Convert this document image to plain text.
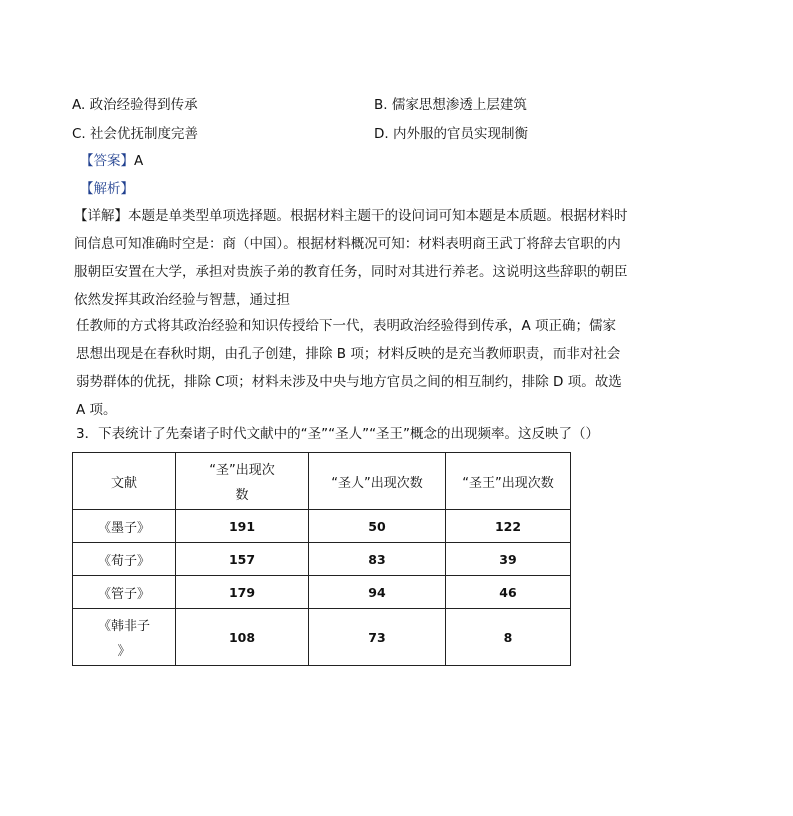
A. 政治经验得到传承	B. 儒家思想渗透上层建筑
C. 社会优抚制度完善	D. 内外服的官员实现制衡
【答案】A
【解析】

【详解】本题是单类型单项选择题。根据材料主题干的设问词可知本题是本质题。根据材料时

间信息可知准确时空是：商（中国）。根据材料概况可知：材料表明商王武丁将辞去官职的内

服朝臣安置在大学，承担对贵族子弟的教育任务，同时对其进行养老。这说明这些辞职的朝臣

依然发挥其政治经验与智慧，通过担

任教师的方式将其政治经验和知识传授给下一代，表明政治经验得到传承，A 项正确；儒家

思想出现是在春秋时期，由孔子创建，排除 B 项；材料反映的是充当教师职责，而非对社会

弱势群体的优抚，排除 C项；材料未涉及中央与地方官员之间的相互制约，排除 D 项。故选

A 项。

3．下表统计了先秦诸子时代文献中的“圣”“圣人”“圣王”概念的出现频率。这反映了（）
文献	“圣”出现次
数	“圣人”出现次数	“圣王”出现次数
《墨子》	191	50	122
《荀子》	157	83	39
《管子》	179	94	46

《韩非子
》	108	73	8
